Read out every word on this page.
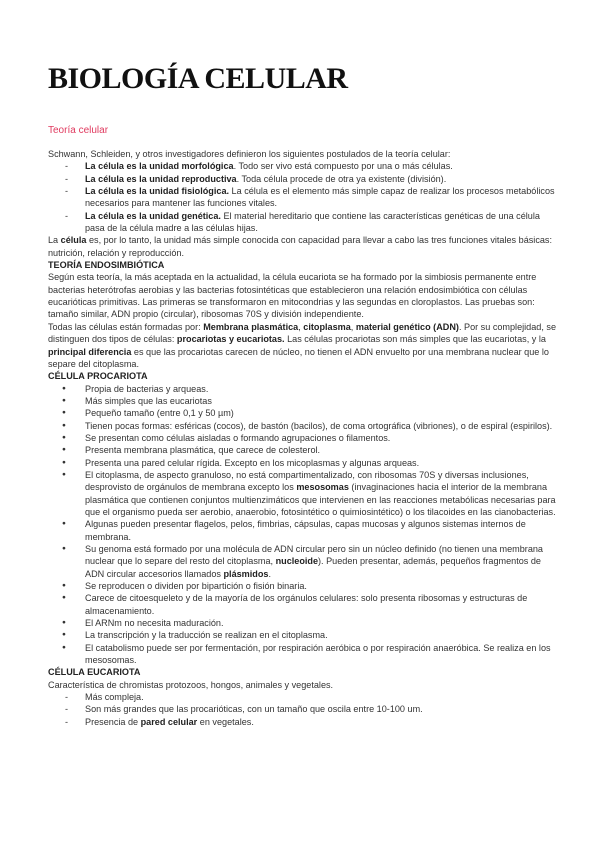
BIOLOGÍA CELULAR
Teoría celular

Schwann, Schleiden, y otros investigadores definieron los siguientes postulados de la teoría celular:

- La célula es la unidad morfológica. Todo ser vivo está compuesto por una o más células.
- La célula es la unidad reproductiva. Toda célula procede de otra ya existente (división).
- La célula es la unidad fisiológica. La célula es el elemento más simple capaz de realizar los procesos metabólicos necesarios para mantener las funciones vitales.
- La célula es la unidad genética. El material hereditario que contiene las características genéticas de una célula pasa de la célula madre a las células hijas.

La célula es, por lo tanto, la unidad más simple conocida con capacidad para llevar a cabo las tres funciones vitales básicas: nutrición, relación y reproducción.

TEORÍA ENDOSIMBIÓTICA

Según esta teoría, la más aceptada en la actualidad, la célula eucariota se ha formado por la simbiosis permanente entre bacterias heterótrofas aerobias y las bacterias fotosintéticas que establecieron una relación endosimbiótica con células eucarióticas primitivas. Las primeras se transformaron en mitocondrias y las segundas en cloroplastos. Las pruebas son: tamaño similar, ADN propio (circular), ribosomas 70S y división independiente.

Todas las células están formadas por: Membrana plasmática, citoplasma, material genético (ADN). Por su complejidad, se distinguen dos tipos de células: procariotas y eucariotas. Las células procariotas son más simples que las eucariotas, y la principal diferencia es que las procariotas carecen de núcleo, no tienen el ADN envuelto por una membrana nuclear que lo separe del citoplasma.

CÉLULA PROCARIOTA

● Propia de bacterias y arqueas.
● Más simples que las eucariotas
● Pequeño tamaño (entre 0,1 y 50 µm)
● Tienen pocas formas: esféricas (cocos), de bastón (bacilos), de coma ortográfica (vibriones), o de espiral (espirilos).
● Se presentan como células aisladas o formando agrupaciones o filamentos.
● Presenta membrana plasmática, que carece de colesterol.
● Presenta una pared celular rígida. Excepto en los micoplasmas y algunas arqueas.
● El citoplasma, de aspecto granuloso, no está compartimentalizado, con ribosomas 70S y diversas inclusiones, desprovisto de orgánulos de membrana excepto los mesosomas (invaginaciones hacia el interior de la membrana plasmática que contienen conjuntos multienzimáticos que intervienen en las reacciones metabólicas necesarias para que el organismo pueda ser aerobio, anaerobio, fotosintético o quimiosintético) o los tilacoides en las cianobacterias.
● Algunas pueden presentar flagelos, pelos, fimbrias, cápsulas, capas mucosas y algunos sistemas internos de membrana.
● Su genoma está formado por una molécula de ADN circular pero sin un núcleo definido (no tienen una membrana nuclear que lo separe del resto del citoplasma, nucleoide). Pueden presentar, además, pequeños fragmentos de ADN circular accesorios llamados plásmidos.
● Se reproducen o dividen por bipartición o fisión binaria.
● Carece de citoesqueleto y de la mayoría de los orgánulos celulares: solo presenta ribosomas y estructuras de almacenamiento.
● El ARNm no necesita maduración.
● La transcripción y la traducción se realizan en el citoplasma.
● El catabolismo puede ser por fermentación, por respiración aeróbica o por respiración anaeróbica. Se realiza en los mesosomas.

CÉLULA EUCARIOTA

Característica de chromistas protozoos, hongos, animales y vegetales.

- Más compleja.
- Son más grandes que las procarióticas, con un tamaño que oscila entre 10-100 um.
- Presencia de pared celular en vegetales.
